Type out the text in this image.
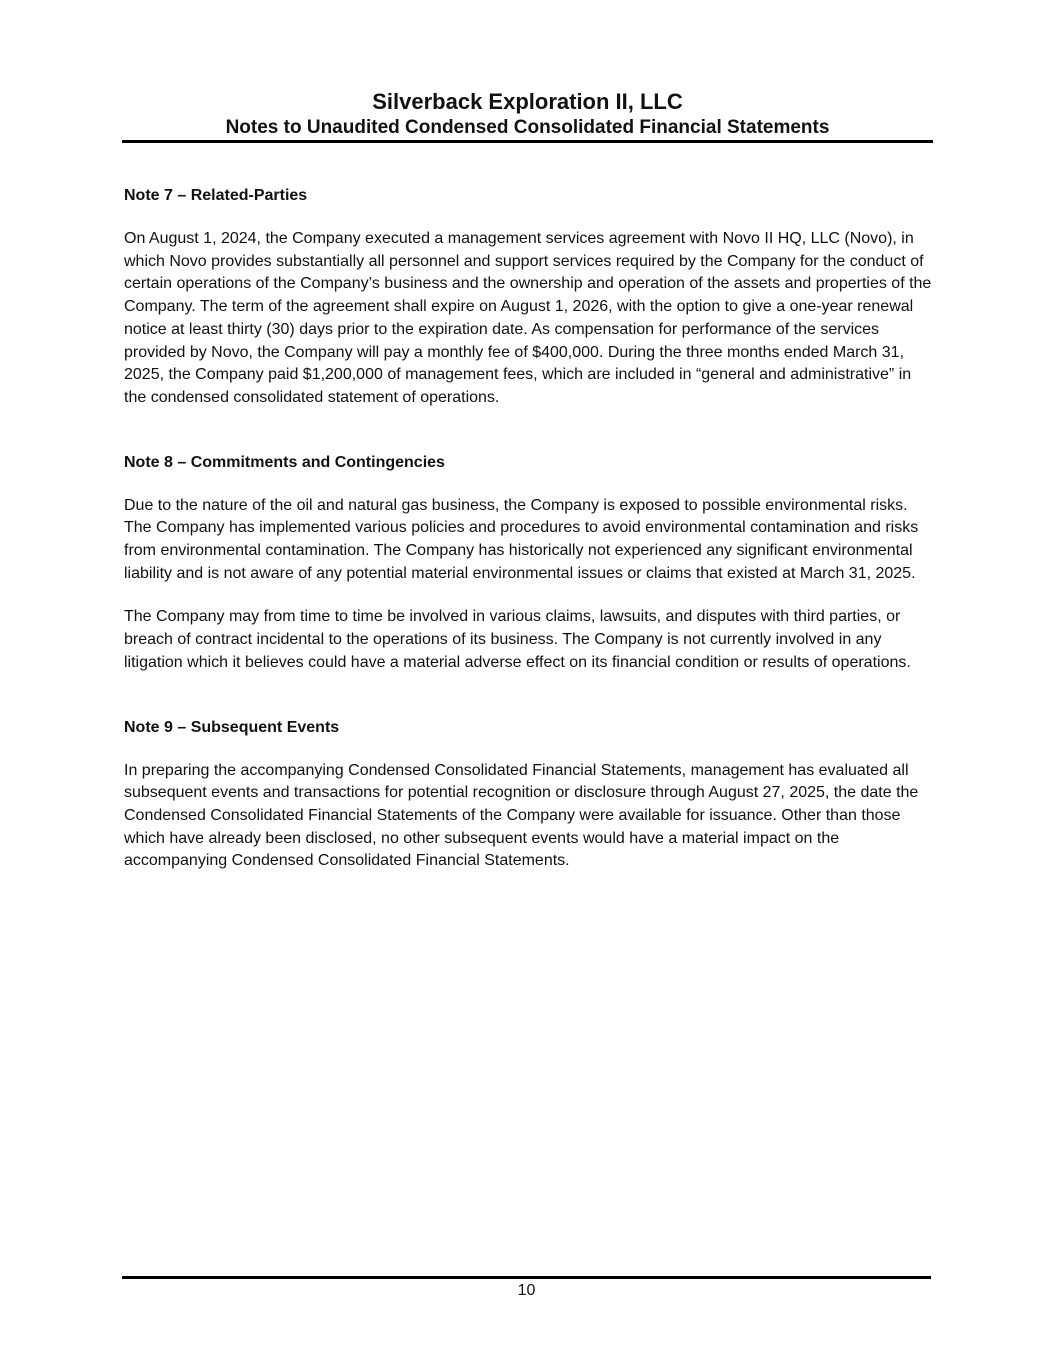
Silverback Exploration II, LLC

Notes to Unaudited Condensed Consolidated Financial Statements

Note 7 – Related-Parties

On August 1, 2024, the Company executed a management services agreement with Novo II HQ, LLC (Novo), in which Novo provides substantially all personnel and support services required by the Company for the conduct of certain operations of the Company’s business and the ownership and operation of the assets and properties of the Company. The term of the agreement shall expire on August 1, 2026, with the option to give a one-year renewal notice at least thirty (30) days prior to the expiration date. As compensation for performance of the services provided by Novo, the Company will pay a monthly fee of $400,000. During the three months ended March 31, 2025, the Company paid $1,200,000 of management fees, which are included in “general and administrative” in the condensed consolidated statement of operations.

Note 8 – Commitments and Contingencies

Due to the nature of the oil and natural gas business, the Company is exposed to possible environmental risks. The Company has implemented various policies and procedures to avoid environmental contamination and risks from environmental contamination. The Company has historically not experienced any significant environmental liability and is not aware of any potential material environmental issues or claims that existed at March 31, 2025.

The Company may from time to time be involved in various claims, lawsuits, and disputes with third parties, or breach of contract incidental to the operations of its business. The Company is not currently involved in any litigation which it believes could have a material adverse effect on its financial condition or results of operations.

Note 9 – Subsequent Events

In preparing the accompanying Condensed Consolidated Financial Statements, management has evaluated all subsequent events and transactions for potential recognition or disclosure through August 27, 2025, the date the Condensed Consolidated Financial Statements of the Company were available for issuance. Other than those which have already been disclosed, no other subsequent events would have a material impact on the accompanying Condensed Consolidated Financial Statements.

10
